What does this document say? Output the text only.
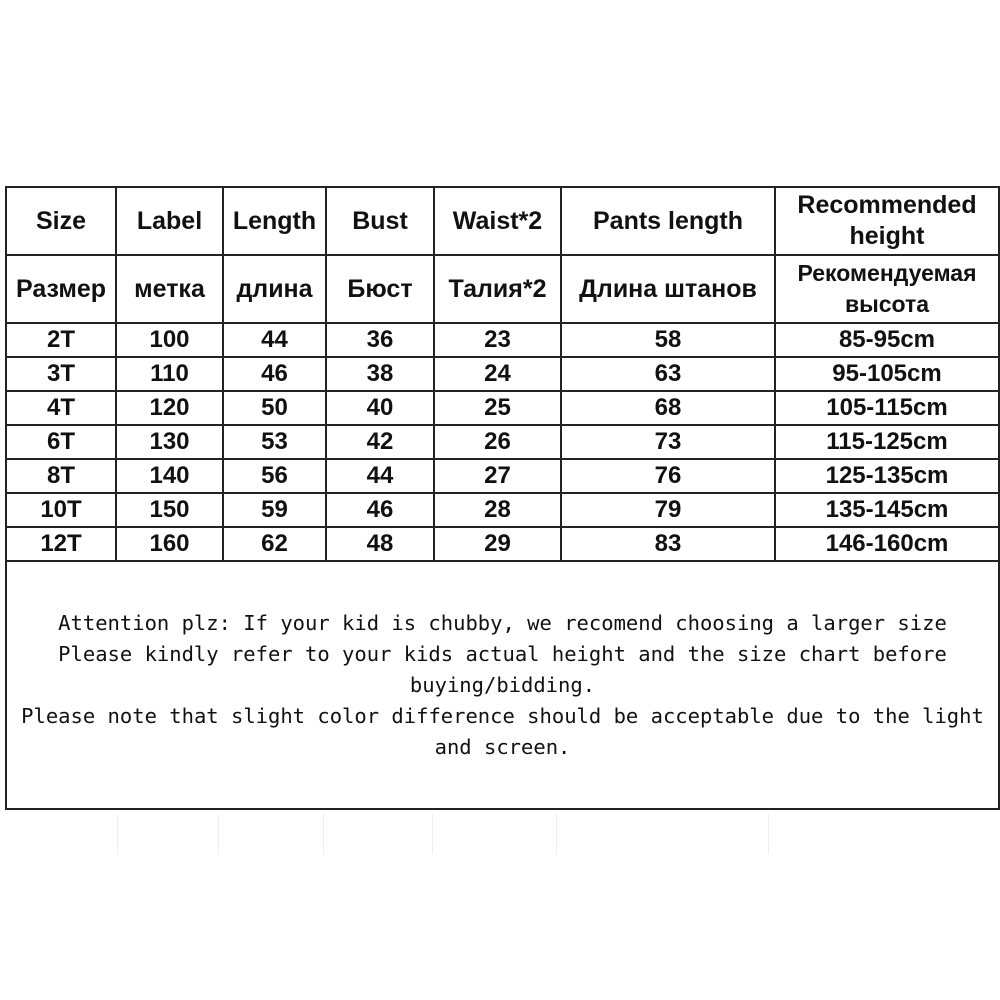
Size	Label	Length	Bust	Waist*2	Pants length	Recommended height
Размер	метка	длина	Бюст	Талия*2	Длина штанов	Рекомендуемая высота
2T	100	44	36	23	58	85-95cm
3T	110	46	38	24	63	95-105cm
4T	120	50	40	25	68	105-115cm
6T	130	53	42	26	73	115-125cm
8T	140	56	44	27	76	125-135cm
10T	150	59	46	28	79	135-145cm
12T	160	62	48	29	83	146-160cm

Attention plz: If your kid is chubby, we recomend choosing a larger size
Please kindly refer to your kids actual height and the size chart before buying/bidding.
Please note that slight color difference should be acceptable due to the light and screen.						
